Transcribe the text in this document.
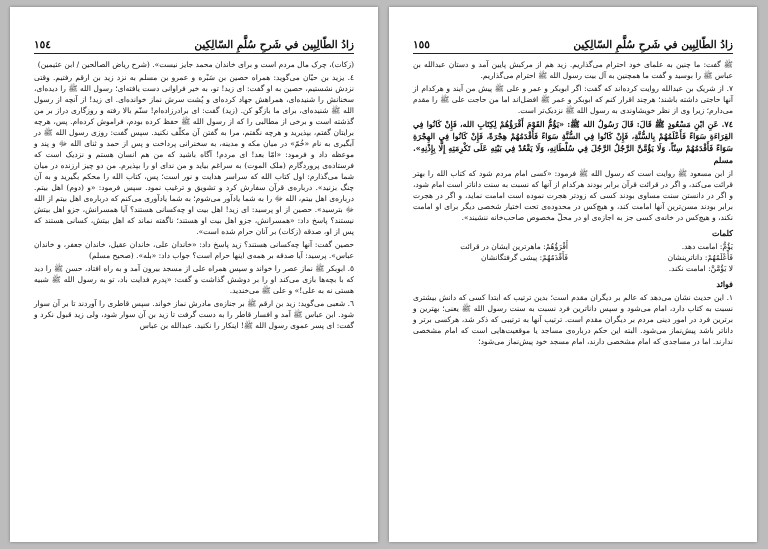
١٥٤	زادُ الطّالِبِين في شَرحِ سُلَّمِ السّالِكِين

(زکات)، چرک مال مردم است و برای خاندان محمد جایز نیست». (شرح ریاض الصالحین / ابن عثیمین)

٤. یزید بن حیّان می‌گوید: همراه حصین بن سَبْره و عمرو بن مسلم به نزد زید بن ارقم رفتیم. وقتی نزدش نشستیم، حصین به او گفت: ای زید! تو، به خیر فراوانی دست یافته‌ای؛ رسول الله ﷺ را دیده‌ای، سخنانش را شنیده‌ای، همراهش جهاد کرده‌ای و پُشت سرش نماز خوانده‌ای. ای زید! از آنچه از رسول الله ﷺ شنیده‌ای، برای ما بازگو کن. (زید) گفت: ای برادرزاده‌ام! سنّم بالا رفته و روزگاری دراز بر من گذشته است و برخی از مطالبی را که از رسول الله ﷺ حفظ کرده بودم، فراموش کرده‌ام. پس، هرچه برایتان گفتم، بپذیرید و هرچه نگفتم، مرا به گفتن آن مکلّف نکنید. سپس گفت: روزی رسول الله ﷺ در آبگیری به نام «خُمّ» در میان مکه و مدینه، به سخنرانی پرداخت و پس از حمد و ثنای الله ﷻ و پند و موعظه داد و فرمود: «امّا بعد! ای مردم! آگاه باشید که من هم انسان هستم و نزدیک است که فرستاده‌ی پروردگارم (ملک الموت) به سراغم بیاید و من ندای او را بپذیرم. من دو چیز ارزنده در میان شما می‌گذارم: اول کتاب الله که سراسر هدایت و نور است؛ پس، کتاب الله را محکم بگیرید و به آن چنگ بزنید». درباره‌ی قرآن سفارش کرد و تشویق و ترغیب نمود. سپس فرمود: «و (دوم) اهل بیتم. درباره‌ی اهل بیتم، الله ﷻ را به شما یادآور می‌شوم؛ به شما یادآوری می‌کنم که درباره‌ی اهل بیتم از الله ﷻ بترسید». حصین از او پرسید: ای زید! اهل بیت او چه‌کسانی هستند؟ آیا همسرانش، جزو اهل بیتش نیستند؟ پاسخ داد: «همسرانش، جزو اهل بیت او هستند؛ ناگفته نماند که اهل بیتش، کسانی هستند که پس از او، صدقه (زکات) بر آنان حرام شده است».

حصین گفت: آنها چه‌کسانی هستند؟ زید پاسخ داد: «خاندان علی، خاندان عقیل، خاندان جعفر، و خاندان عباس». پرسید: آیا صدقه بر همه‌ی اینها حرام است؟ جواب داد: «بله». (صحیح مسلم)

٥. ابوبکر ﷺ نماز عصر را خواند و سپس همراه علی از مسجد بیرون آمد و به راه افتاد، حسن ﷺ را دید که با بچه‌ها بازی می‌کند او را بر دوشش گذاشت و گفت: «پدرم فدایت باد، تو به رسول الله ﷺ شبیه هستی نه به علی!» و علی ﷺ می‌خندید.

٦. شعبی می‌گوید: زید بن ارقم ﷺ بر جنازه‌ی مادرش نماز خواند. سپس قاطری را آوردند تا بر آن سوار شود. ابن عباس ﷺ آمد و افسار قاطر را به دست گرفت تا زید بن آن سوار شود، ولی زید قبول نکرد و گفت: ای پسر عموی رسول الله ﷺ! اینکار را نکنید. عبدالله بن عباس

١٥٥	زادُ الطّالِبِين في شَرحِ سُلَّمِ السّالِكِين

ﷺ گفت: ما چنین به علمای خود احترام می‌گذاریم. زید هم از مرکبش پایین آمد و دستان عبدالله بن عباس ﷺ را بوسید و گفت ما همچنین به آل بیت رسول الله ﷺ احترام می‌گذاریم.

٧. از شریک بن عبدالله روایت کرده‌اند که گفت: اگر ابوبکر و عمر و علی ﷺ پیش من آیند و هرکدام از آنها حاجتی داشته باشند؛ هرچند اقرار کنم که ابوبکر و عمر ﷺ افضل‌اند اما من حاجت علی ﷺ را مقدم می‌دارم؛ زیرا وی از نظر خویشاوندی به رسول الله ﷺ نزدیک‌تر است.

٧٤. عَنِ ابْنِ مَسْعُودٍ ﷺ قَالَ: قَالَ رَسُولُ الله ﷺ: «يَؤُمُّ القَوْمَ أَقْرَؤُهُمْ لِكِتَابِ الله، فَإِنْ كَانُوا فِي القِرَاءَةِ سَوَاءً فَأَعْلَمُهُمْ بِالسُّنَّةِ، فَإِنْ كَانُوا فِي السُّنَّةِ سَوَاءً فَأَقْدَمُهُمْ هِجْرَةً، فَإِنْ كَانُوا فِي الهِجْرَةِ سَوَاءً فَأَقْدَمُهُمْ سِنّاً. وَلَا يَؤُمَّنَّ الرَّجُلُ الرَّجُلَ فِي سُلْطَانِهِ، وَلَا يَقْعُدْ فِي بَيْتِهِ عَلَى تَكْرِمَتِهِ إِلَّا بِإِذْنِهِ». مسلم

از ابن مسعود ﷺ روایت است که رسول الله ﷺ فرمود: «کسی امام مردم شود که کتاب الله را بهتر قرائت می‌کند، و اگر در قرائت قرآن برابر بودند هرکدام از آنها که نسبت به سنت داناتر است امام شود، و اگر در دانستن سنت مساوی بودند کسی که زودتر هجرت نموده است امامت نماید، و اگر در هجرت برابر بودند مسن‌ترین آنها امامت کند، و هیچ‌کس در محدوده‌ی تحت اختیار شخصی دیگر برای او امامت نکند، و هیچ‌کس در خانه‌ی کسی جز به اجازه‌ی او در محلّ مخصوص صاحب‌خانه ننشیند».

کلمات
يَؤُمُّ: امامت دهد.
أَقْرَؤُهُمْ: ماهرترین ایشان در قرائت
فَأَعْلَمُهُمْ: داناترینشان
فَأَقْدَمُهُمْ: پیشی گرفتگانشان
لا يَؤُمَّنَّ: امامت نکند.
فوائد

١. این حدیث نشان می‌دهد که عالم بر دیگران مقدم است؛ بدین ترتیب که ابتدا کسی که دانش بیشتری نسبت به کتاب دارد، امام می‌شود و سپس داناترین فرد نسبت به سنت رسول الله ﷺ یعنی؛ بهترین و برترین فرد در امور دینی مردم بر دیگران مقدم است. ترتیب آنها به ترتیبی که ذکر شد، هرکسی برتر و داناتر باشد پیش‌نماز می‌شود. البته این حکم درباره‌ی مساجد یا موقعیت‌هایی است که امام مشخصی ندارند. اما در مساجدی که امام مشخصی دارند، امام مسجد خود پیش‌نماز می‌شود؛
